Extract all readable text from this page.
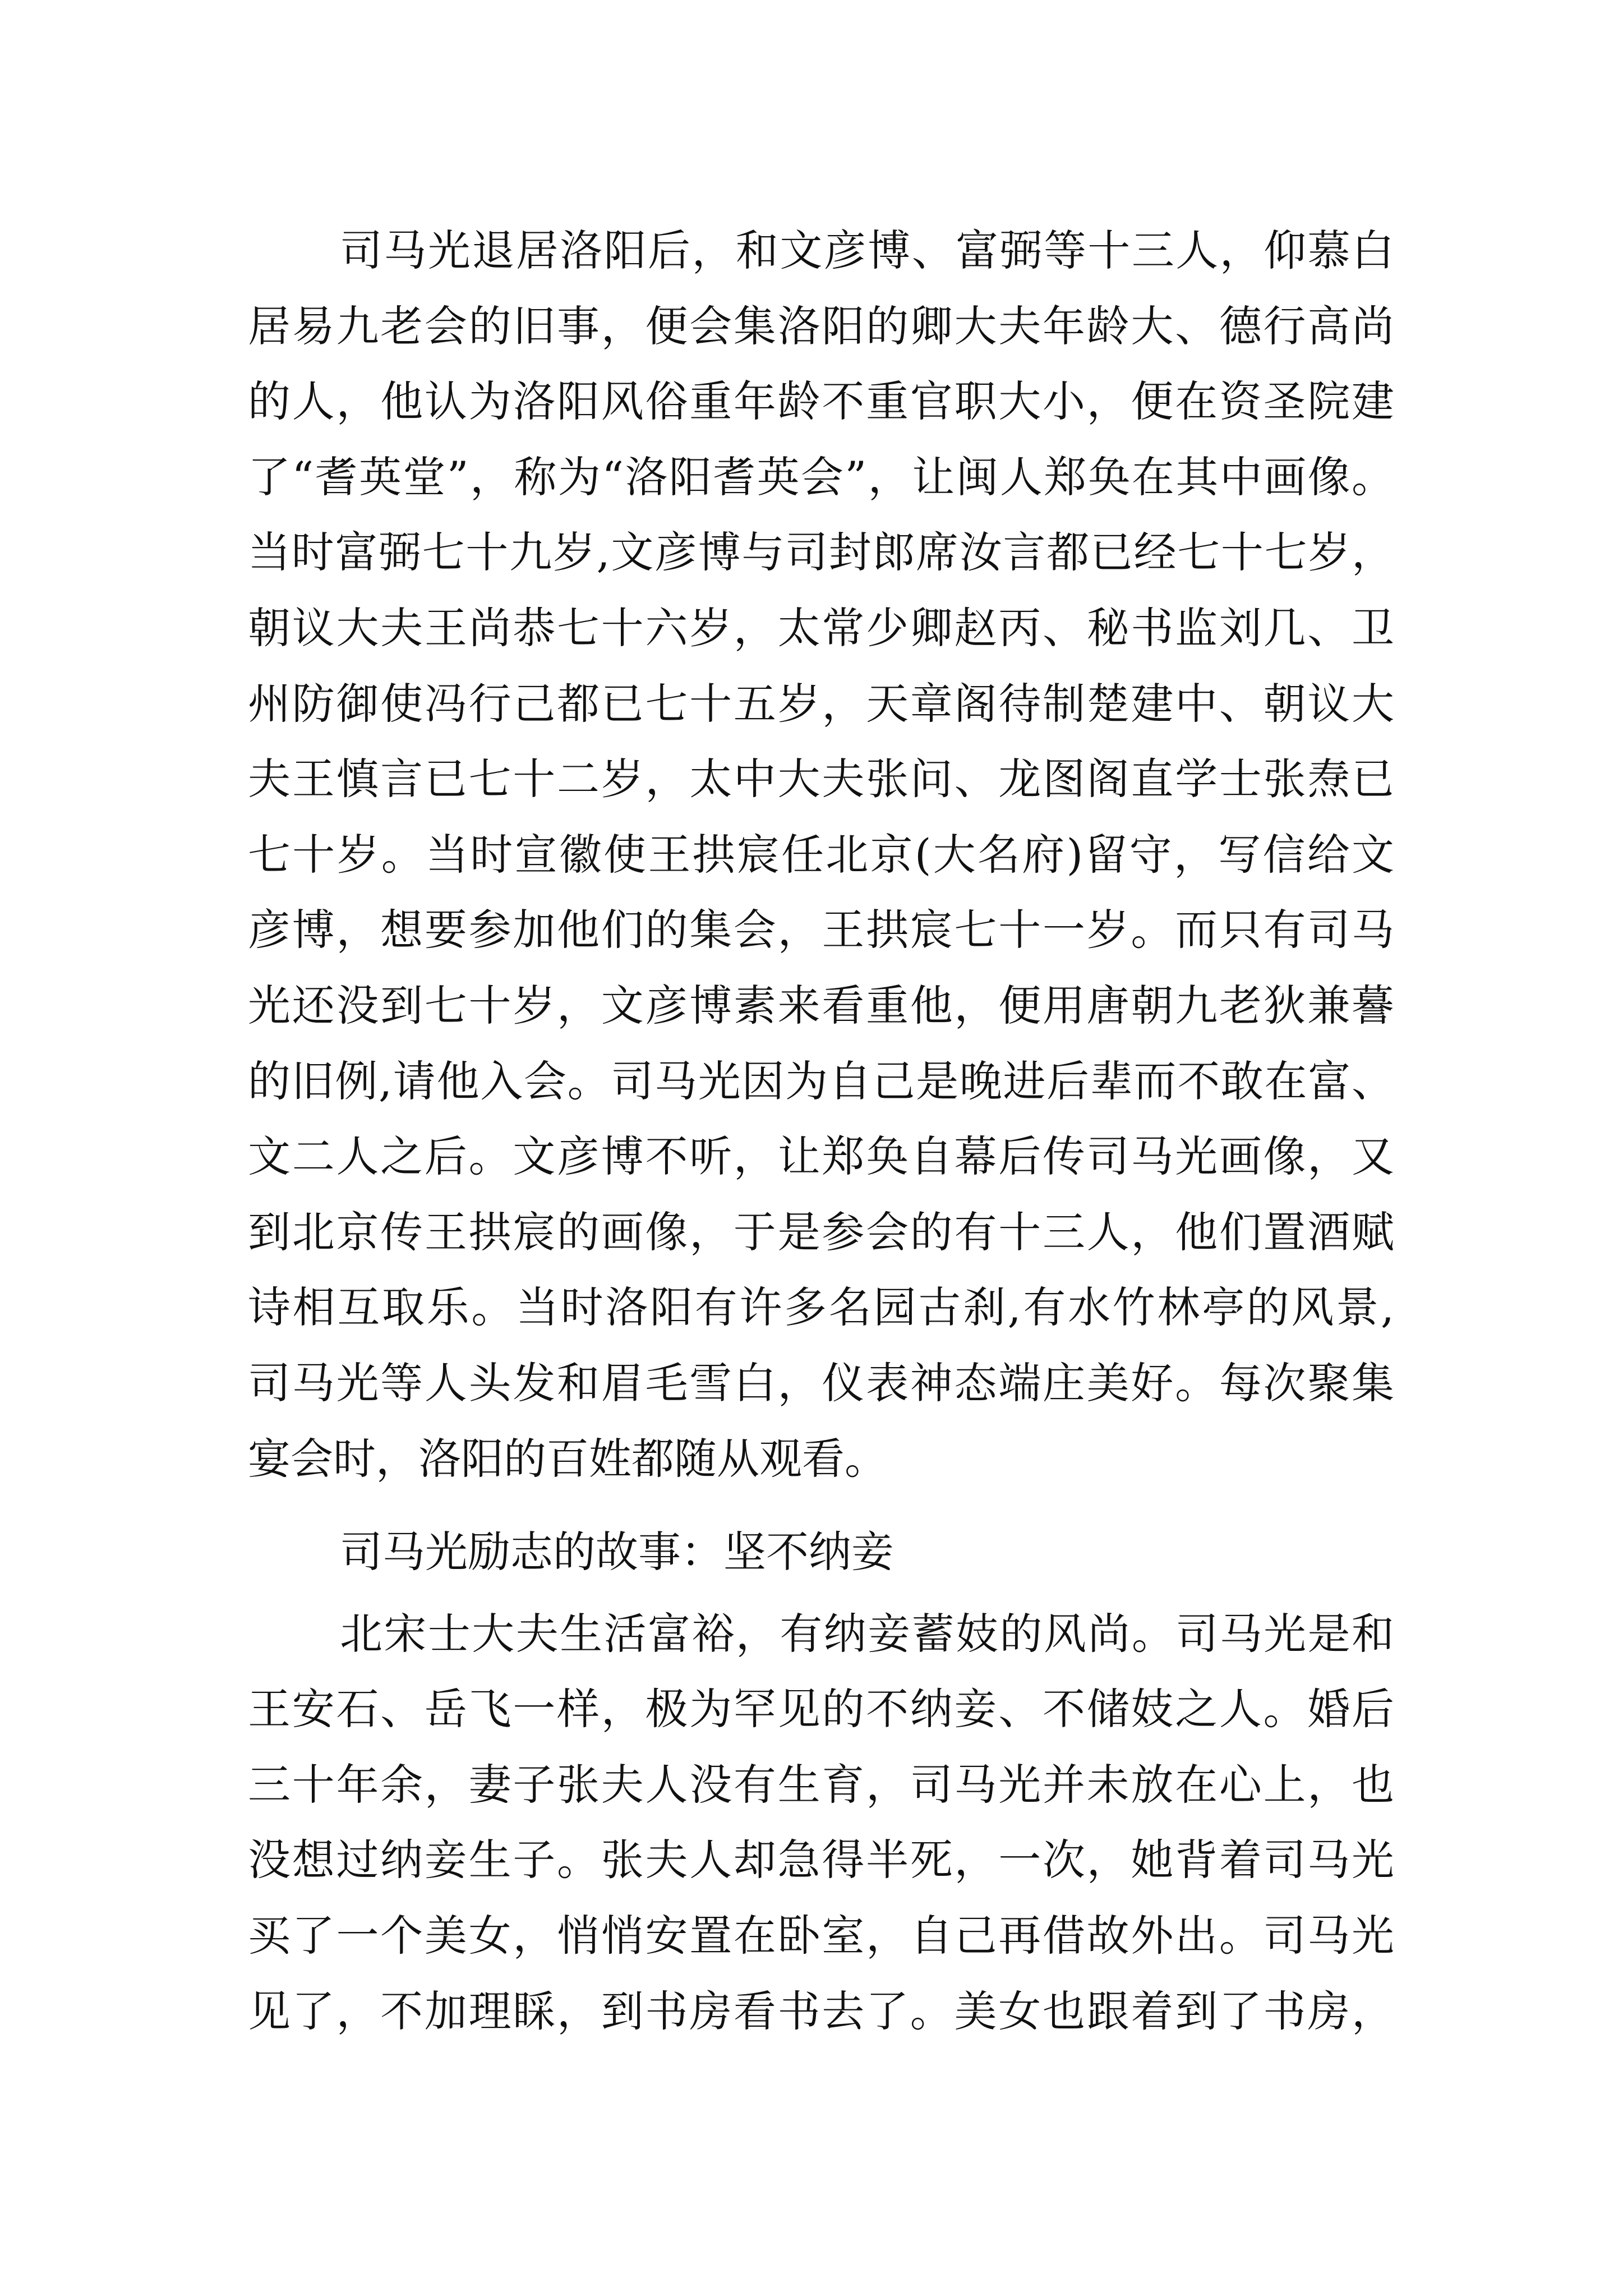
司马光退居洛阳后，和文彦博、富弼等十三人，仰慕白
居易九老会的旧事，便会集洛阳的卿大夫年龄大、德行高尚
的人，他认为洛阳风俗重年龄不重官职大小，便在资圣院建
了“耆英堂”，称为“洛阳耆英会”，让闽人郑奂在其中画像。
当时富弼七十九岁,文彦博与司封郎席汝言都已经七十七岁，
朝议大夫王尚恭七十六岁，太常少卿赵丙、秘书监刘几、卫
州防御使冯行己都已七十五岁，天章阁待制楚建中、朝议大
夫王慎言已七十二岁，太中大夫张问、龙图阁直学士张焘已
七十岁。当时宣徽使王拱宸任北京(大名府)留守，写信给文
彦博，想要参加他们的集会，王拱宸七十一岁。而只有司马
光还没到七十岁，文彦博素来看重他，便用唐朝九老狄兼謩
的旧例,请他入会。司马光因为自己是晚进后辈而不敢在富、
文二人之后。文彦博不听，让郑奂自幕后传司马光画像，又
到北京传王拱宸的画像，于是参会的有十三人，他们置酒赋
诗相互取乐。当时洛阳有许多名园古刹,有水竹林亭的风景,
司马光等人头发和眉毛雪白，仪表神态端庄美好。每次聚集
宴会时，洛阳的百姓都随从观看。
司马光励志的故事：坚不纳妾
北宋士大夫生活富裕，有纳妾蓄妓的风尚。司马光是和
王安石、岳飞一样，极为罕见的不纳妾、不储妓之人。婚后
三十年余，妻子张夫人没有生育，司马光并未放在心上，也
没想过纳妾生子。张夫人却急得半死，一次，她背着司马光
买了一个美女，悄悄安置在卧室，自己再借故外出。司马光
见了，不加理睬，到书房看书去了。美女也跟着到了书房，
